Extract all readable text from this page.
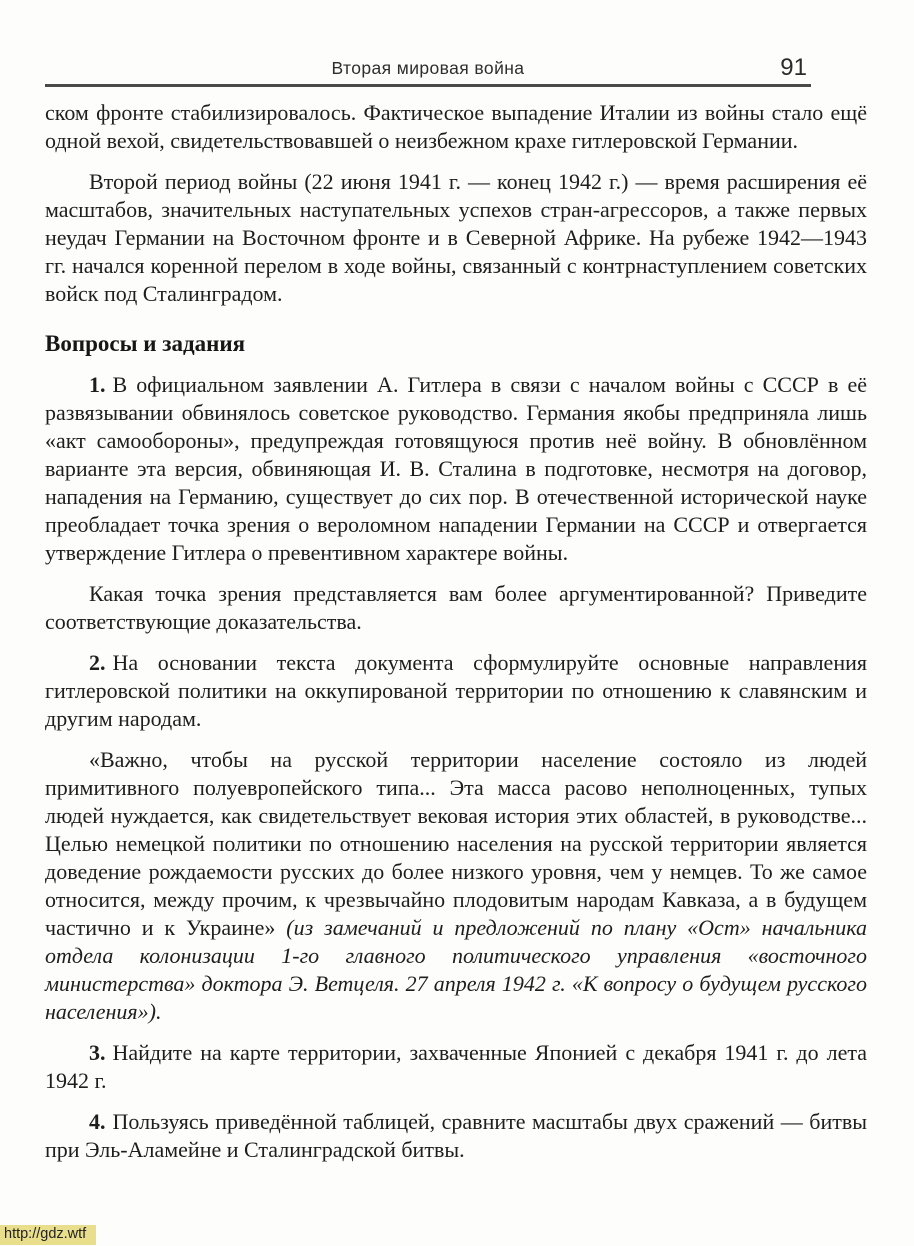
Вторая мировая война	91

ском фронте стабилизировалось. Фактическое выпадение Италии из войны стало ещё одной вехой, свидетельствовавшей о неизбежном крахе гитлеровской Германии.

Второй период войны (22 июня 1941 г. — конец 1942 г.) — время расширения её масштабов, значительных наступательных успехов стран-агрессоров, а также первых неудач Германии на Восточном фронте и в Северной Африке. На рубеже 1942—1943 гг. начался коренной перелом в ходе войны, связанный с контрнаступлением советских войск под Сталинградом.

Вопросы и задания

1. В официальном заявлении А. Гитлера в связи с началом войны с СССР в её развязывании обвинялось советское руководство. Германия якобы предприняла лишь «акт самообороны», предупреждая готовящуюся против неё войну. В обновлённом варианте эта версия, обвиняющая И. В. Сталина в подготовке, несмотря на договор, нападения на Германию, существует до сих пор. В отечественной исторической науке преобладает точка зрения о вероломном нападении Германии на СССР и отвергается утверждение Гитлера о превентивном характере войны.

Какая точка зрения представляется вам более аргументированной? Приведите соответствующие доказательства.

2. На основании текста документа сформулируйте основные направления гитлеровской политики на оккупированой территории по отношению к славянским и другим народам.

«Важно, чтобы на русской территории население состояло из людей примитивного полуевропейского типа... Эта масса расово неполноценных, тупых людей нуждается, как свидетельствует вековая история этих областей, в руководстве... Целью немецкой политики по отношению населения на русской территории является доведение рождаемости русских до более низкого уровня, чем у немцев. То же самое относится, между прочим, к чрезвычайно плодовитым народам Кавказа, а в будущем частично и к Украине» (из замечаний и предложений по плану «Ост» начальника отдела колонизации 1-го главного политического управления «восточного министерства» доктора Э. Ветцеля. 27 апреля 1942 г. «К вопросу о будущем русского населения»).

3. Найдите на карте территории, захваченные Японией с декабря 1941 г. до лета 1942 г.

4. Пользуясь приведённой таблицей, сравните масштабы двух сражений — битвы при Эль-Аламейне и Сталинградской битвы.

http://gdz.wtf
